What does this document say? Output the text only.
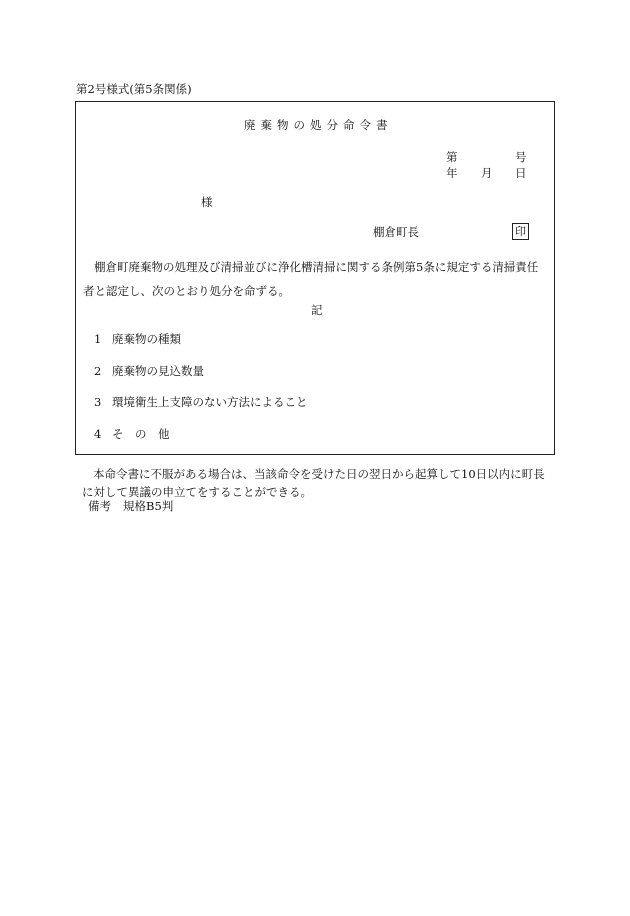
第2号様式(第5条関係)
廃棄物の処分命令書
第	号
年 月 日
様
棚倉町長	印
棚倉町廃棄物の処理及び清掃並びに浄化槽清掃に関する条例第5条に規定する清掃責任者と認定し、次のとおり処分を命ずる。
記
1 廃棄物の種類
2 廃棄物の見込数量
3 環境衛生上支障のない方法によること
4 そ　の　他
本命令書に不服がある場合は、当該命令を受けた日の翌日から起算して10日以内に町長に対して異議の申立てをすることができる。
備考 規格B5判
